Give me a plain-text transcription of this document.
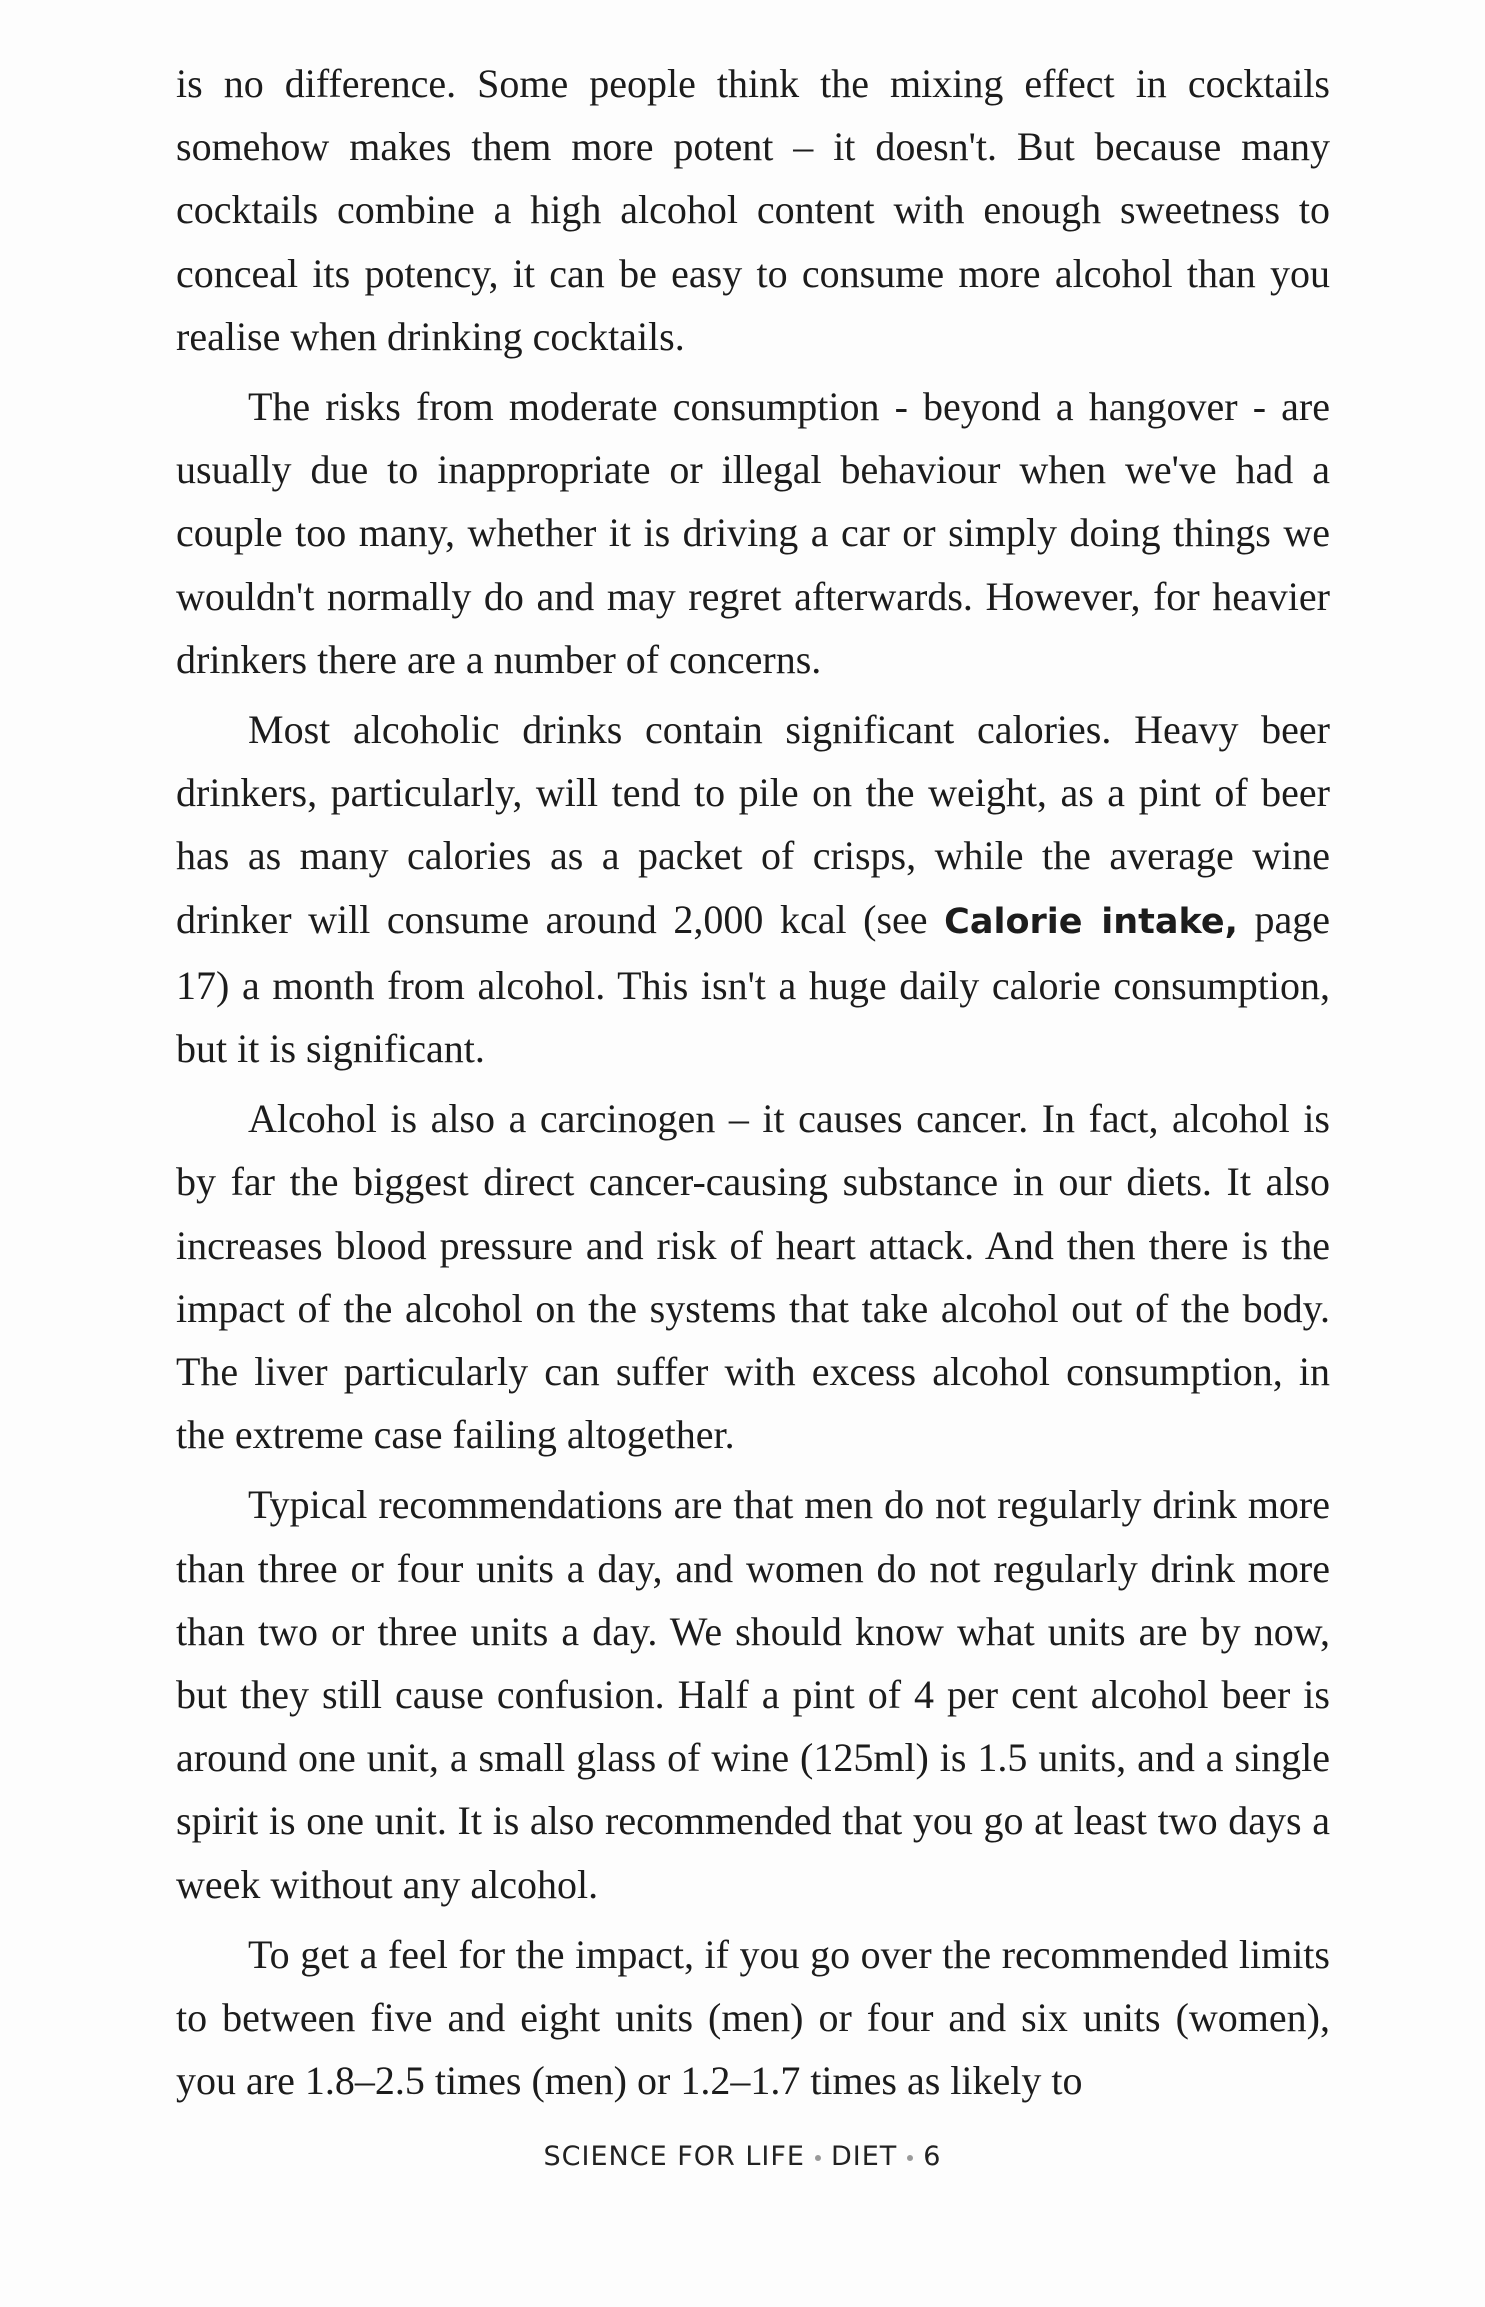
is no difference. Some people think the mixing effect in cocktails somehow makes them more potent – it doesn't. But because many cocktails combine a high alcohol content with enough sweetness to conceal its potency, it can be easy to consume more alcohol than you realise when drinking cocktails.

The risks from moderate consumption - beyond a hangover - are usually due to inappropriate or illegal behaviour when we've had a couple too many, whether it is driving a car or simply doing things we wouldn't normally do and may regret afterwards. However, for heavier drinkers there are a number of concerns.

Most alcoholic drinks contain significant calories. Heavy beer drinkers, particularly, will tend to pile on the weight, as a pint of beer has as many calories as a packet of crisps, while the average wine drinker will consume around 2,000 kcal (see Calorie intake, page 17) a month from alcohol. This isn't a huge daily calorie consumption, but it is significant.

Alcohol is also a carcinogen – it causes cancer. In fact, alcohol is by far the biggest direct cancer-causing substance in our diets. It also increases blood pressure and risk of heart attack. And then there is the impact of the alcohol on the systems that take alcohol out of the body. The liver particularly can suffer with excess alcohol consumption, in the extreme case failing altogether.

Typical recommendations are that men do not regularly drink more than three or four units a day, and women do not regularly drink more than two or three units a day. We should know what units are by now, but they still cause confusion. Half a pint of 4 per cent alcohol beer is around one unit, a small glass of wine (125ml) is 1.5 units, and a single spirit is one unit. It is also recommended that you go at least two days a week without any alcohol.

To get a feel for the impact, if you go over the recommended limits to between five and eight units (men) or four and six units (women), you are 1.8–2.5 times (men) or 1.2–1.7 times as likely to

SCIENCE FOR LIFE DIET 6
